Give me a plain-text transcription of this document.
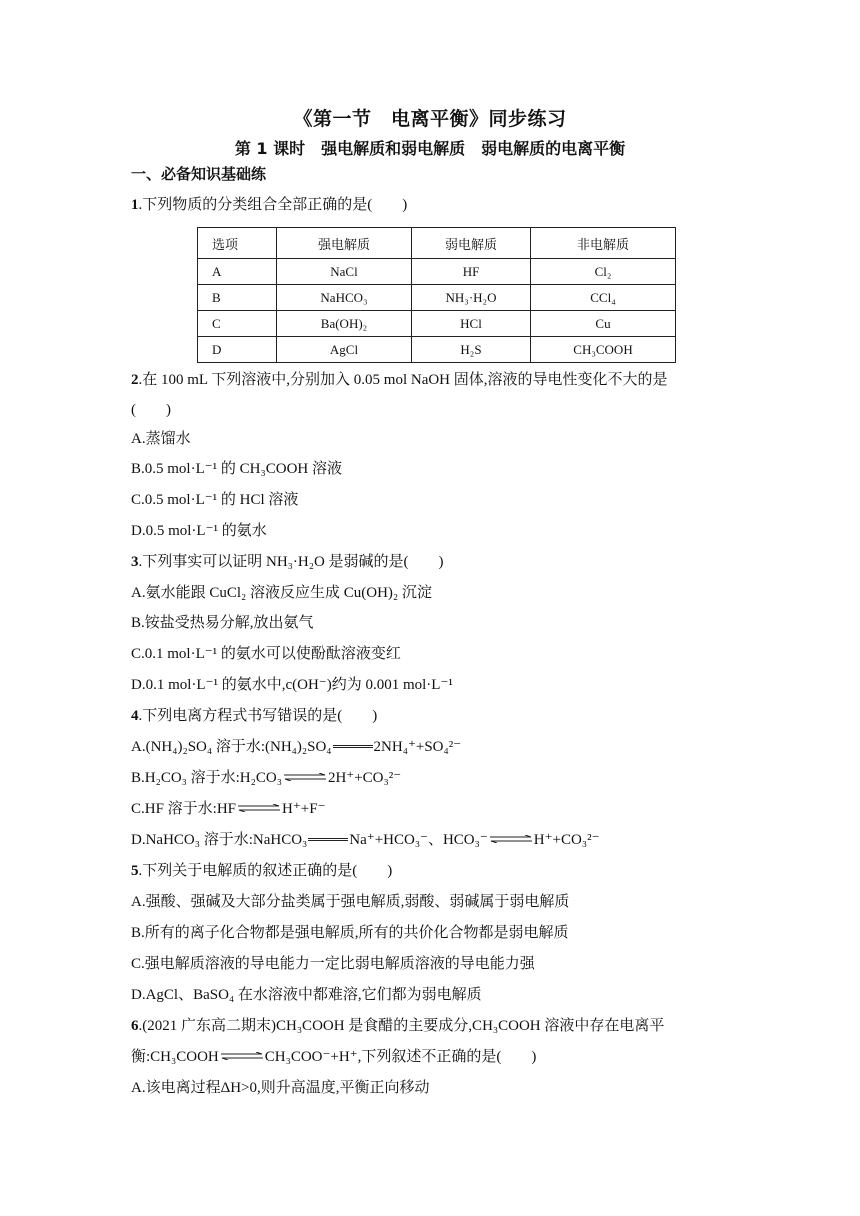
《第一节　电离平衡》同步练习
第 1 课时　强电解质和弱电解质　弱电解质的电离平衡
一、必备知识基础练
1.下列物质的分类组合全部正确的是(　　)
选项	强电解质	弱电解质	非电解质
A	NaCl	HF	Cl₂
B	NaHCO₃	NH₃·H₂O	CCl₄
C	Ba(OH)₂	HCl	Cu
D	AgCl	H₂S	CH₃COOH
2.在 100 mL 下列溶液中,分别加入 0.05 mol NaOH 固体,溶液的导电性变化不大的是
(　　)
A.蒸馏水
B.0.5 mol·L⁻¹ 的 CH₃COOH 溶液
C.0.5 mol·L⁻¹ 的 HCl 溶液
D.0.5 mol·L⁻¹ 的氨水
3.下列事实可以证明 NH₃·H₂O 是弱碱的是(　　)
A.氨水能跟 CuCl₂ 溶液反应生成 Cu(OH)₂ 沉淀
B.铵盐受热易分解,放出氨气
C.0.1 mol·L⁻¹ 的氨水可以使酚酞溶液变红
D.0.1 mol·L⁻¹ 的氨水中,c(OH⁻)约为 0.001 mol·L⁻¹
4.下列电离方程式书写错误的是(　　)
A.(NH₄)₂SO₄ 溶于水:(NH₄)₂SO₄	2NH₄⁺+SO₄²⁻
B.H₂CO₃ 溶于水:H₂CO₃⇌2H⁺+CO₃²⁻
C.HF 溶于水:HF⇌H⁺+F⁻
D.NaHCO₃ 溶于水:NaHCO₃	Na⁺+HCO₃⁻、HCO₃⁻⇌H⁺+CO₃²⁻
5.下列关于电解质的叙述正确的是(　　)
A.强酸、强碱及大部分盐类属于强电解质,弱酸、弱碱属于弱电解质
B.所有的离子化合物都是强电解质,所有的共价化合物都是弱电解质
C.强电解质溶液的导电能力一定比弱电解质溶液的导电能力强
D.AgCl、BaSO₄ 在水溶液中都难溶,它们都为弱电解质
6.(2021 广东高二期末)CH₃COOH 是食醋的主要成分,CH₃COOH 溶液中存在电离平
衡:CH₃COOH⇌CH₃COO⁻+H⁺,下列叙述不正确的是(　　)
A.该电离过程ΔH>0,则升高温度,平衡正向移动
